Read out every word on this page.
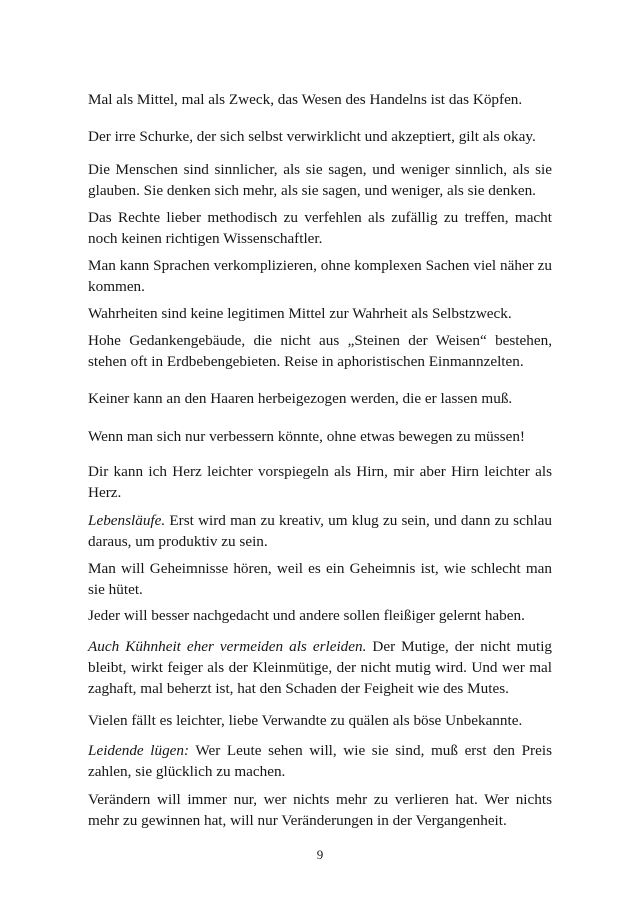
Mal als Mittel, mal als Zweck, das Wesen des Handelns ist das Köpfen.

Der irre Schurke, der sich selbst verwirklicht und akzeptiert, gilt als okay.

Die Menschen sind sinnlicher, als sie sagen, und weniger sinnlich, als sie glauben. Sie denken sich mehr, als sie sagen, und weniger, als sie denken.

Das Rechte lieber methodisch zu verfehlen als zufällig zu treffen, macht noch keinen richtigen Wissenschaftler.

Man kann Sprachen verkomplizieren, ohne komplexen Sachen viel näher zu kommen.

Wahrheiten sind keine legitimen Mittel zur Wahrheit als Selbstzweck.

Hohe Gedankengebäude, die nicht aus „Steinen der Weisen“ bestehen, stehen oft in Erdbebengebieten. Reise in aphoristischen Einmannzelten.

Keiner kann an den Haaren herbeigezogen werden, die er lassen muß.

Wenn man sich nur verbessern könnte, ohne etwas bewegen zu müssen!

Dir kann ich Herz leichter vorspiegeln als Hirn, mir aber Hirn leichter als Herz.

Lebensläufe. Erst wird man zu kreativ, um klug zu sein, und dann zu schlau daraus, um produktiv zu sein.

Man will Geheimnisse hören, weil es ein Geheimnis ist, wie schlecht man sie hütet.

Jeder will besser nachgedacht und andere sollen fleißiger gelernt haben.

Auch Kühnheit eher vermeiden als erleiden. Der Mutige, der nicht mutig bleibt, wirkt feiger als der Kleinmütige, der nicht mutig wird. Und wer mal zaghaft, mal beherzt ist, hat den Schaden der Feigheit wie des Mutes.

Vielen fällt es leichter, liebe Verwandte zu quälen als böse Unbekannte.

Leidende lügen: Wer Leute sehen will, wie sie sind, muß erst den Preis zahlen, sie glücklich zu machen.

Verändern will immer nur, wer nichts mehr zu verlieren hat. Wer nichts mehr zu gewinnen hat, will nur Veränderungen in der Vergangenheit.

9
